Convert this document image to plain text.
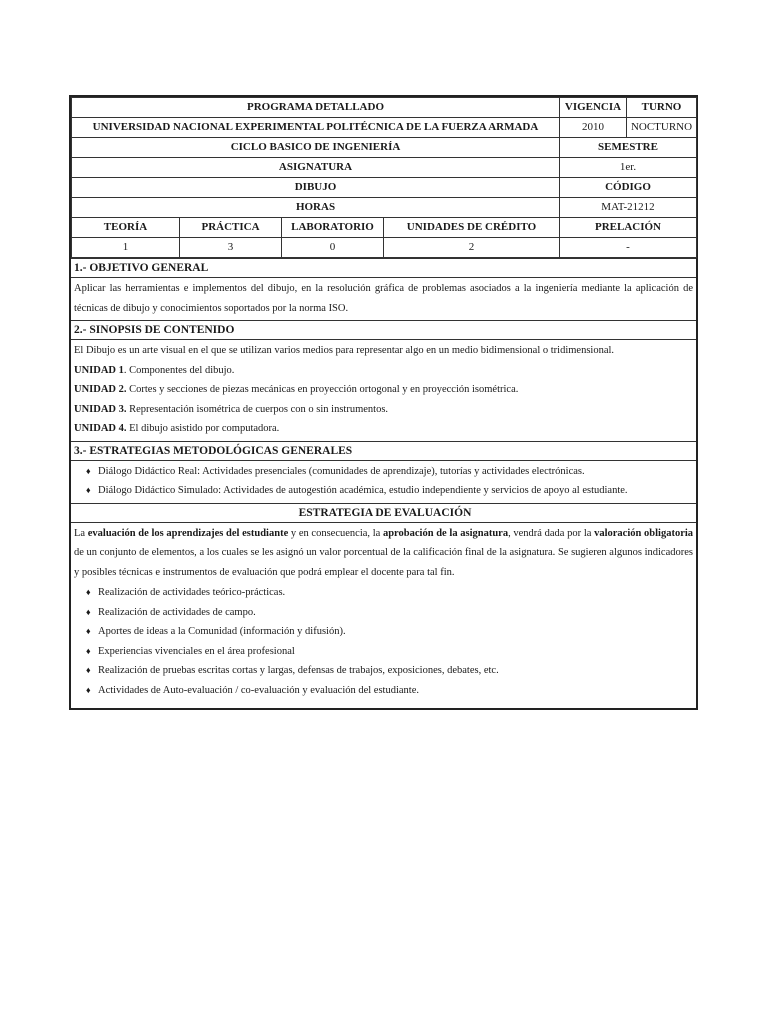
PROGRAMA DETALLADO				VIGENCIA	TURNO
UNIVERSIDAD NACIONAL EXPERIMENTAL POLITÉCNICA DE LA FUERZA ARMADA				2010	NOCTURNO
CICLO BASICO DE INGENIERÍA				SEMESTRE	
ASIGNATURA				1er.	
DIBUJO				CÓDIGO	
HORAS				MAT-21212	
TEORÍA	PRÁCTICA	LABORATORIO	UNIDADES DE CRÉDITO	PRELACIÓN	
1	3	0	2	-	
1.- OBJETIVO GENERAL
Aplicar las herramientas e implementos del dibujo, en la resolución gráfica de problemas asociados a la ingeniería mediante la aplicación de técnicas de dibujo y conocimientos soportados por la norma ISO.
2.- SINOPSIS DE CONTENIDO
El Dibujo es un arte visual en el que se utilizan varios medios para representar algo en un medio bidimensional o tridimensional.
UNIDAD 1. Componentes del dibujo.
UNIDAD 2. Cortes y secciones de piezas mecánicas en proyección ortogonal y en proyección isométrica.
UNIDAD 3. Representación isométrica de cuerpos con o sin instrumentos.
UNIDAD 4. El dibujo asistido por computadora.
3.- ESTRATEGIAS METODOLÓGICAS GENERALES
♦ Diálogo Didáctico Real: Actividades presenciales (comunidades de aprendizaje), tutorías y actividades electrónicas.
♦ Diálogo Didáctico Simulado: Actividades de autogestión académica, estudio independiente y servicios de apoyo al estudiante.
ESTRATEGIA DE EVALUACIÓN
La evaluación de los aprendizajes del estudiante y en consecuencia, la aprobación de la asignatura, vendrá dada por la valoración obligatoria de un conjunto de elementos, a los cuales se les asignó un valor porcentual de la calificación final de la asignatura. Se sugieren algunos indicadores y posibles técnicas e instrumentos de evaluación que podrá emplear el docente para tal fin.
♦ Realización de actividades teórico-prácticas.
♦ Realización de actividades de campo.
♦ Aportes de ideas a la Comunidad (información y difusión).
♦ Experiencias vivenciales en el área profesional
♦ Realización de pruebas escritas cortas y largas, defensas de trabajos, exposiciones, debates, etc.
♦ Actividades de Auto-evaluación / co-evaluación y evaluación del estudiante.
